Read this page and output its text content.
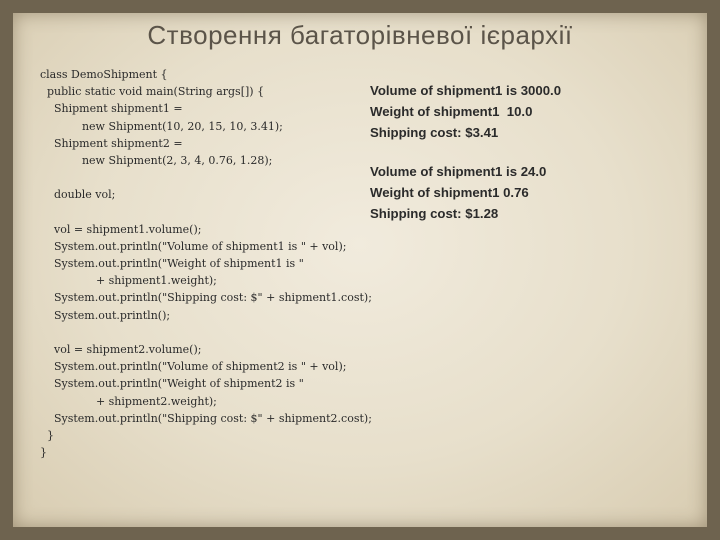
Створення багаторівневої ієрархії
class DemoShipment {
public static void main(String args[]) {
Shipment shipment1 =
new Shipment(10, 20, 15, 10, 3.41);
Shipment shipment2 =
new Shipment(2, 3, 4, 0.76, 1.28);
double vol;
vol = shipment1.volume();
System.out.println("Volume of shipment1 is " + vol);
System.out.println("Weight of shipment1 is "
+ shipment1.weight);
System.out.println("Shipping cost: $" + shipment1.cost);
System.out.println();
vol = shipment2.volume();
System.out.println("Volume of shipment2 is " + vol);
System.out.println("Weight of shipment2 is "
+ shipment2.weight);
System.out.println("Shipping cost: $" + shipment2.cost);
}
}
Volume of shipment1 is 3000.0
Weight of shipment1  10.0
Shipping cost: $3.41
Volume of shipment1 is 24.0
Weight of shipment1 0.76
Shipping cost: $1.28
